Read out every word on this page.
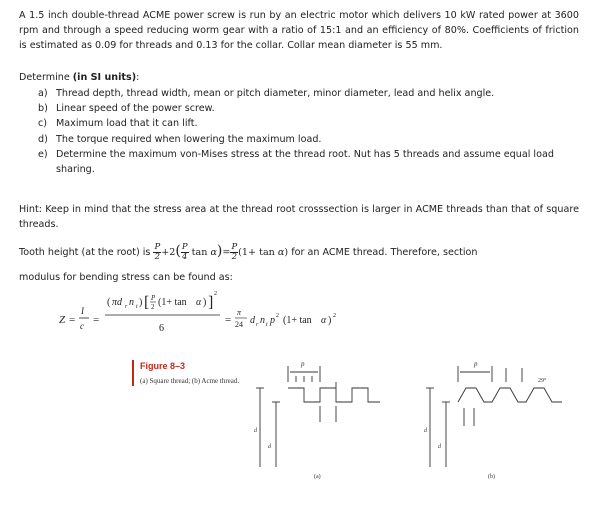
A 1.5 inch double-thread ACME power screw is run by an electric motor which delivers 10 kW rated power at 3600 rpm and through a speed reducing worm gear with a ratio of 15:1 and an efficiency of 80%. Coefficients of friction is estimated as 0.09 for threads and 0.13 for the collar. Collar mean diameter is 55 mm.
Determine (in SI units):
a) Thread depth, thread width, mean or pitch diameter, minor diameter, lead and helix angle.
b) Linear speed of the power screw.
c) Maximum load that it can lift.
d) The torque required when lowering the maximum load.
e) Determine the maximum von-Mises stress at the thread root. Nut has 5 threads and assume equal load sharing.
Hint: Keep in mind that the stress area at the thread root crosssection is larger in ACME threads than that of square threads.
Tooth height (at the root) is $\frac{P}{2} +2( \frac{P}{4}$ $\tan \alpha)= \frac{P}{2} (1+ \tan \alpha)$ for an ACME thread. Therefore, section
modulus for bending stress can be found as:
Z =
I
c =
( πd r n t ) [ P
2 (1+ tan α ) ] 2
6
=
π
24 d r n t p 2 (1+ tan α ) 2
Figure 8–3
(a) Square thread; (b) Acme thread.
p	p
29°
d
d
d
d
(a)	(b)
